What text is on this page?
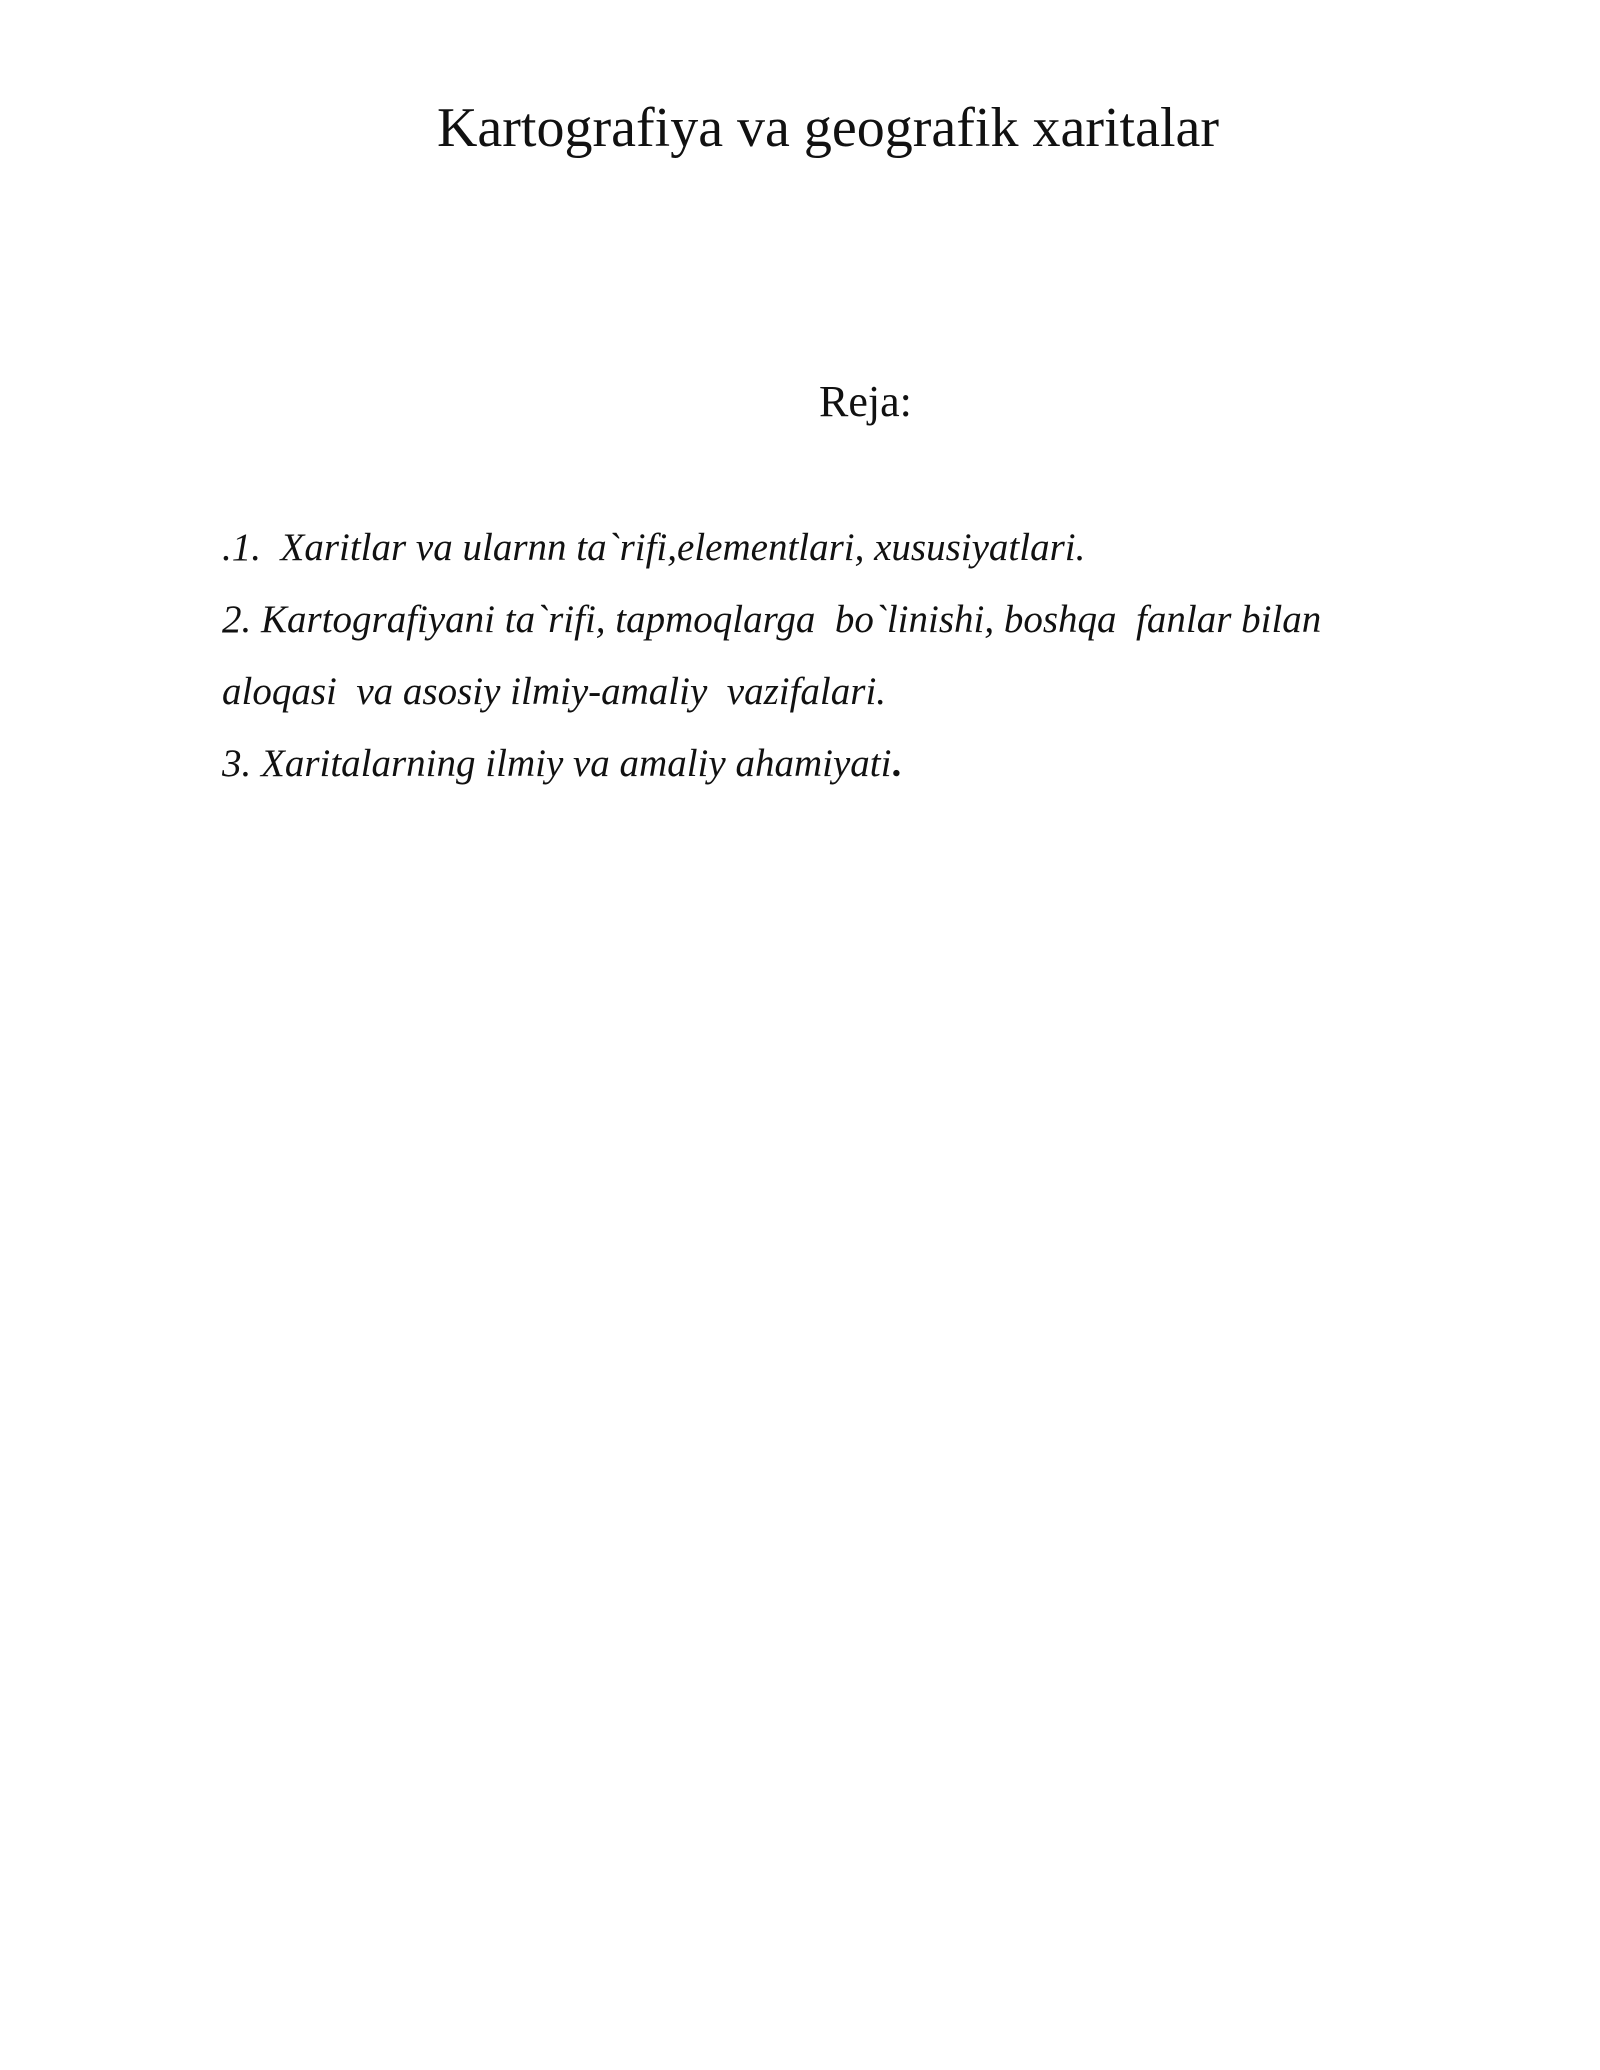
Kartografiya va geografik xaritalar
Reja:
.1.  Xaritlar va ularnn ta`rifi,elementlari, xususiyatlari.
2. Kartografiyani ta`rifi, tapmoqlarga  bo`linishi, boshqa  fanlar bilan
aloqasi  va asosiy ilmiy-amaliy  vazifalari.
3. Xaritalarning ilmiy va amaliy ahamiyati.
